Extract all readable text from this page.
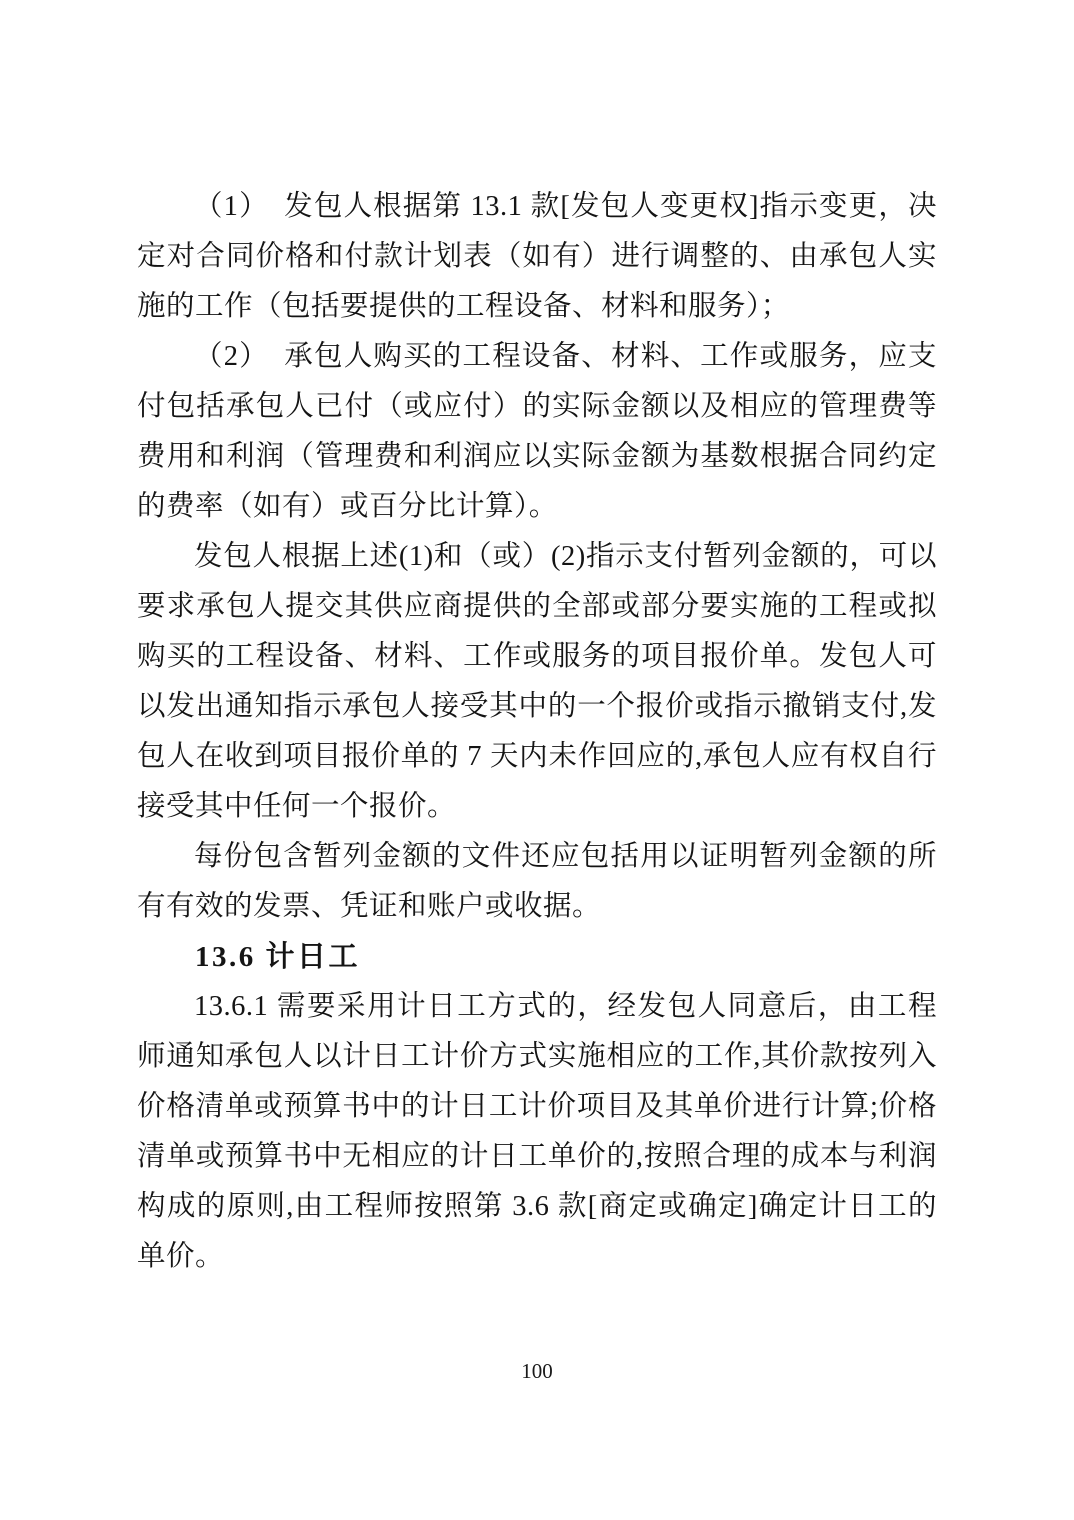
（1）　发包人根据第 13.1 款[发包人变更权]指示变更，决定对合同价格和付款计划表（如有）进行调整的、由承包人实施的工作（包括要提供的工程设备、材料和服务）；

（2）　承包人购买的工程设备、材料、工作或服务，应支付包括承包人已付（或应付）的实际金额以及相应的管理费等费用和利润（管理费和利润应以实际金额为基数根据合同约定的费率（如有）或百分比计算）。

发包人根据上述(1)和（或）(2)指示支付暂列金额的，可以要求承包人提交其供应商提供的全部或部分要实施的工程或拟购买的工程设备、材料、工作或服务的项目报价单。发包人可以发出通知指示承包人接受其中的一个报价或指示撤销支付,发包人在收到项目报价单的 7 天内未作回应的,承包人应有权自行接受其中任何一个报价。

每份包含暂列金额的文件还应包括用以证明暂列金额的所有有效的发票、凭证和账户或收据。

13.6 计日工

13.6.1 需要采用计日工方式的，经发包人同意后，由工程师通知承包人以计日工计价方式实施相应的工作,其价款按列入价格清单或预算书中的计日工计价项目及其单价进行计算;价格清单或预算书中无相应的计日工单价的,按照合理的成本与利润构成的原则,由工程师按照第 3.6 款[商定或确定]确定计日工的单价。

100
